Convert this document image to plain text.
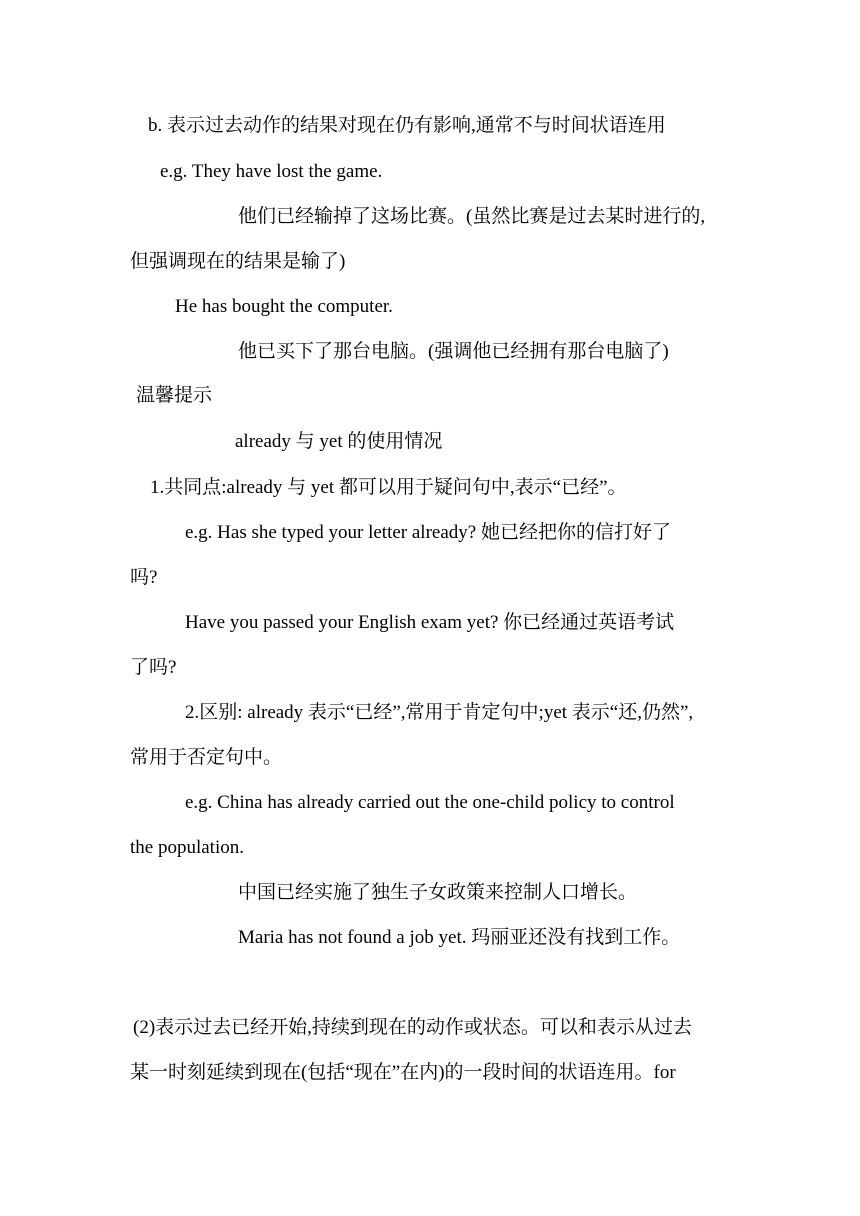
b. 表示过去动作的结果对现在仍有影响,通常不与时间状语连用
e.g. They have lost the game.
他们已经输掉了这场比赛。(虽然比赛是过去某时进行的,
但强调现在的结果是输了)
He has bought the computer.
他已买下了那台电脑。(强调他已经拥有那台电脑了)
温馨提示
already 与 yet 的使用情况
1.共同点:already 与 yet 都可以用于疑问句中,表示“已经”。
e.g. Has she typed your letter already? 她已经把你的信打好了
吗?
Have you passed your English exam yet? 你已经通过英语考试
了吗?
2.区别: already 表示“已经”,常用于肯定句中;yet 表示“还,仍然”,
常用于否定句中。
e.g. China has already carried out the one-child policy to control
the population.
中国已经实施了独生子女政策来控制人口增长。
Maria has not found a job yet. 玛丽亚还没有找到工作。
(2)表示过去已经开始,持续到现在的动作或状态。可以和表示从过去
某一时刻延续到现在(包括“现在”在内)的一段时间的状语连用。for
